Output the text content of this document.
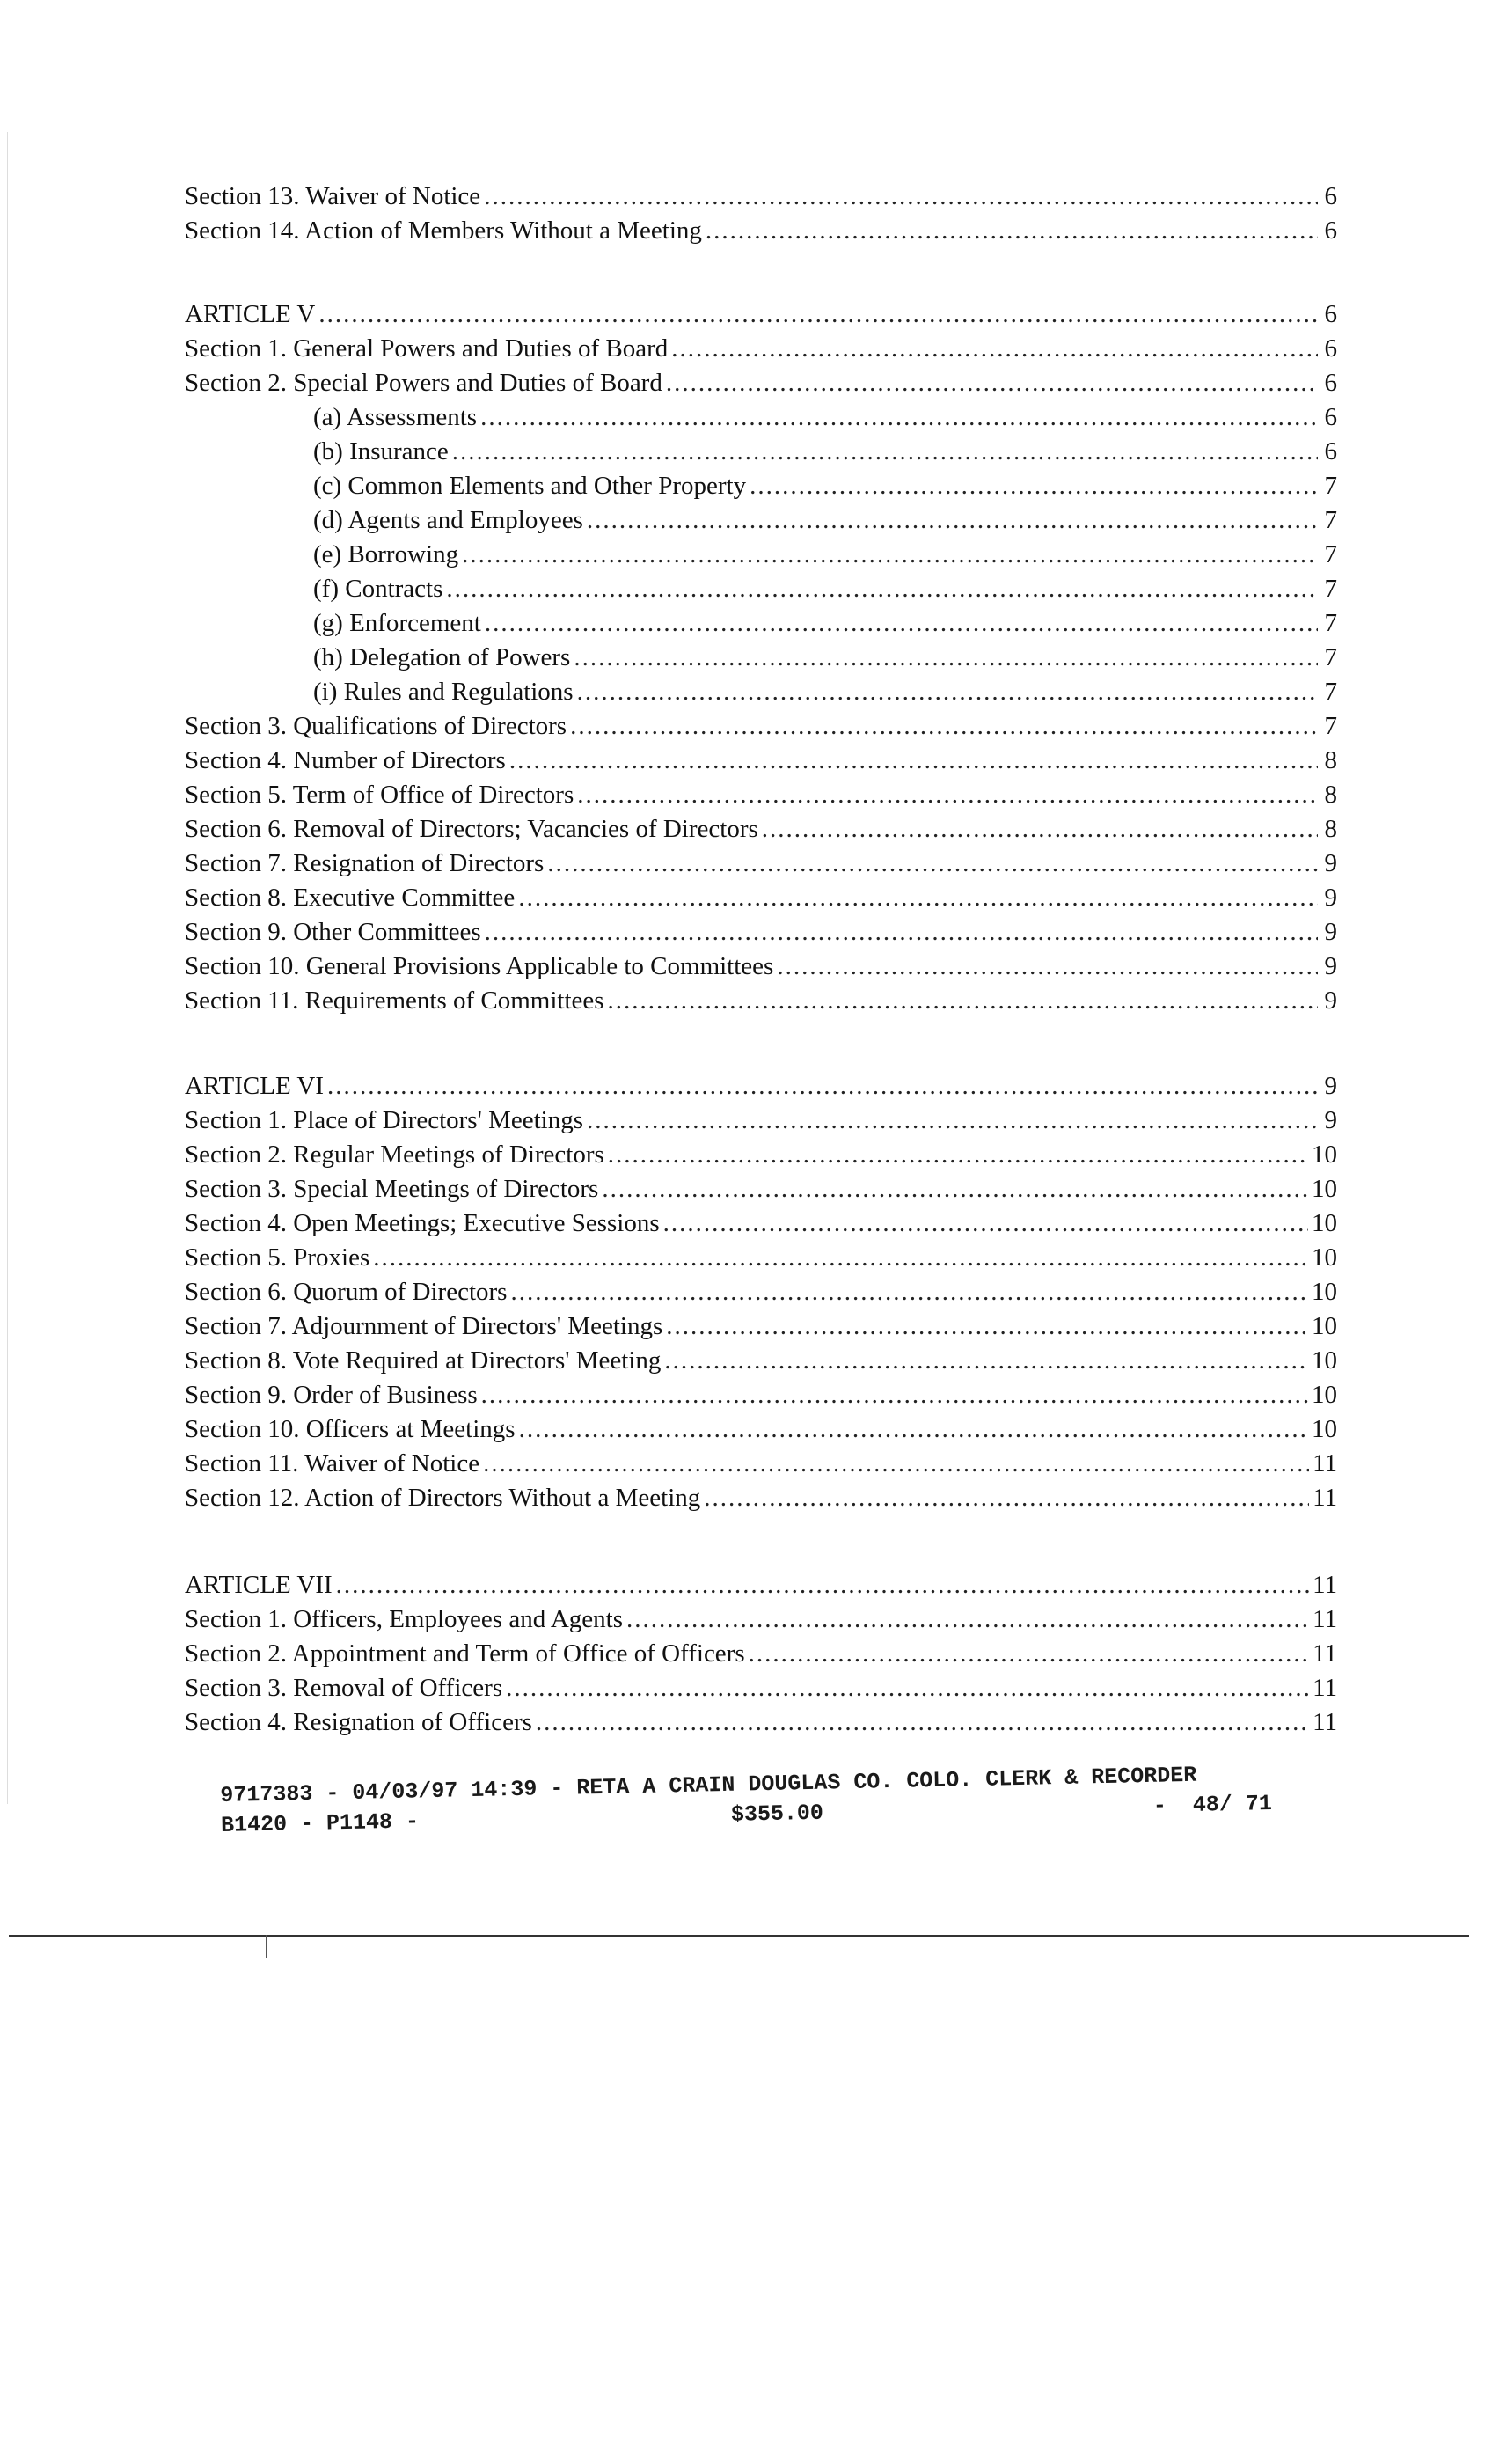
Section 13. Waiver of Notice .....	6
Section 14. Action of Members Without a Meeting .....	6
ARTICLE V .....	6
Section 1. General Powers and Duties of Board .....	6
Section 2. Special Powers and Duties of Board .....	6
(a) Assessments .....	6
(b) Insurance .....	6
(c) Common Elements and Other Property .....	7
(d) Agents and Employees .....	7
(e) Borrowing .....	7
(f) Contracts .....	7
(g) Enforcement .....	7
(h) Delegation of Powers .....	7
(i) Rules and Regulations .....	7
Section 3. Qualifications of Directors .....	7
Section 4. Number of Directors .....	8
Section 5. Term of Office of Directors .....	8
Section 6. Removal of Directors; Vacancies of Directors .....	8
Section 7. Resignation of Directors .....	9
Section 8. Executive Committee .....	9
Section 9. Other Committees .....	9
Section 10. General Provisions Applicable to Committees .....	9
Section 11. Requirements of Committees .....	9
ARTICLE VI .....	9
Section 1. Place of Directors' Meetings .....	9
Section 2. Regular Meetings of Directors .....	10
Section 3. Special Meetings of Directors .....	10
Section 4. Open Meetings; Executive Sessions .....	10
Section 5. Proxies .....	10
Section 6. Quorum of Directors .....	10
Section 7. Adjournment of Directors' Meetings .....	10
Section 8. Vote Required at Directors' Meeting .....	10
Section 9. Order of Business .....	10
Section 10. Officers at Meetings .....	10
Section 11. Waiver of Notice .....	11
Section 12. Action of Directors Without a Meeting .....	11
ARTICLE VII .....	11
Section 1. Officers, Employees and Agents .....	11
Section 2. Appointment and Term of Office of Officers .....	11
Section 3. Removal of Officers .....	11
Section 4. Resignation of Officers .....	11

9717383 - 04/03/97 14:39 - RETA A CRAIN DOUGLAS CO. COLO. CLERK & RECORDER

B1420 - P1148 -

	$355.00

	-  48/ 71
